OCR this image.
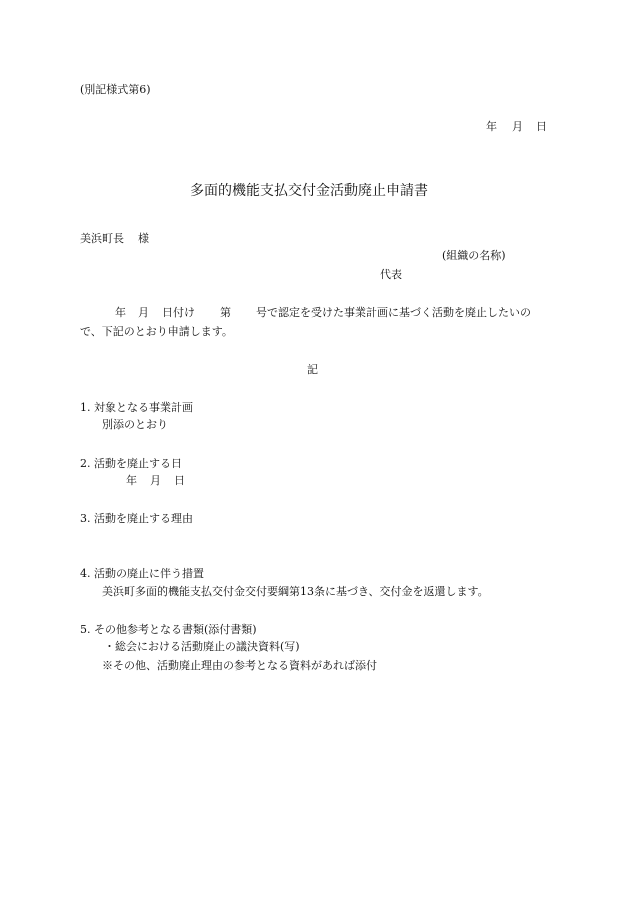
(別記様式第6)
年 月 日
多面的機能支払交付金活動廃止申請書
美浜町長 様
(組織の名称)
代表
年 月 日付け 第 号で認定を受けた事業計画に基づく活動を廃止したいの
で、下記のとおり申請します。
記
1. 対象となる事業計画
別添のとおり
2. 活動を廃止する日
年 月 日
3. 活動を廃止する理由
4. 活動の廃止に伴う措置
美浜町多面的機能支払交付金交付要綱第13条に基づき、交付金を返還します。
5. その他参考となる書類(添付書類)
・総会における活動廃止の議決資料(写)
※その他、活動廃止理由の参考となる資料があれば添付
